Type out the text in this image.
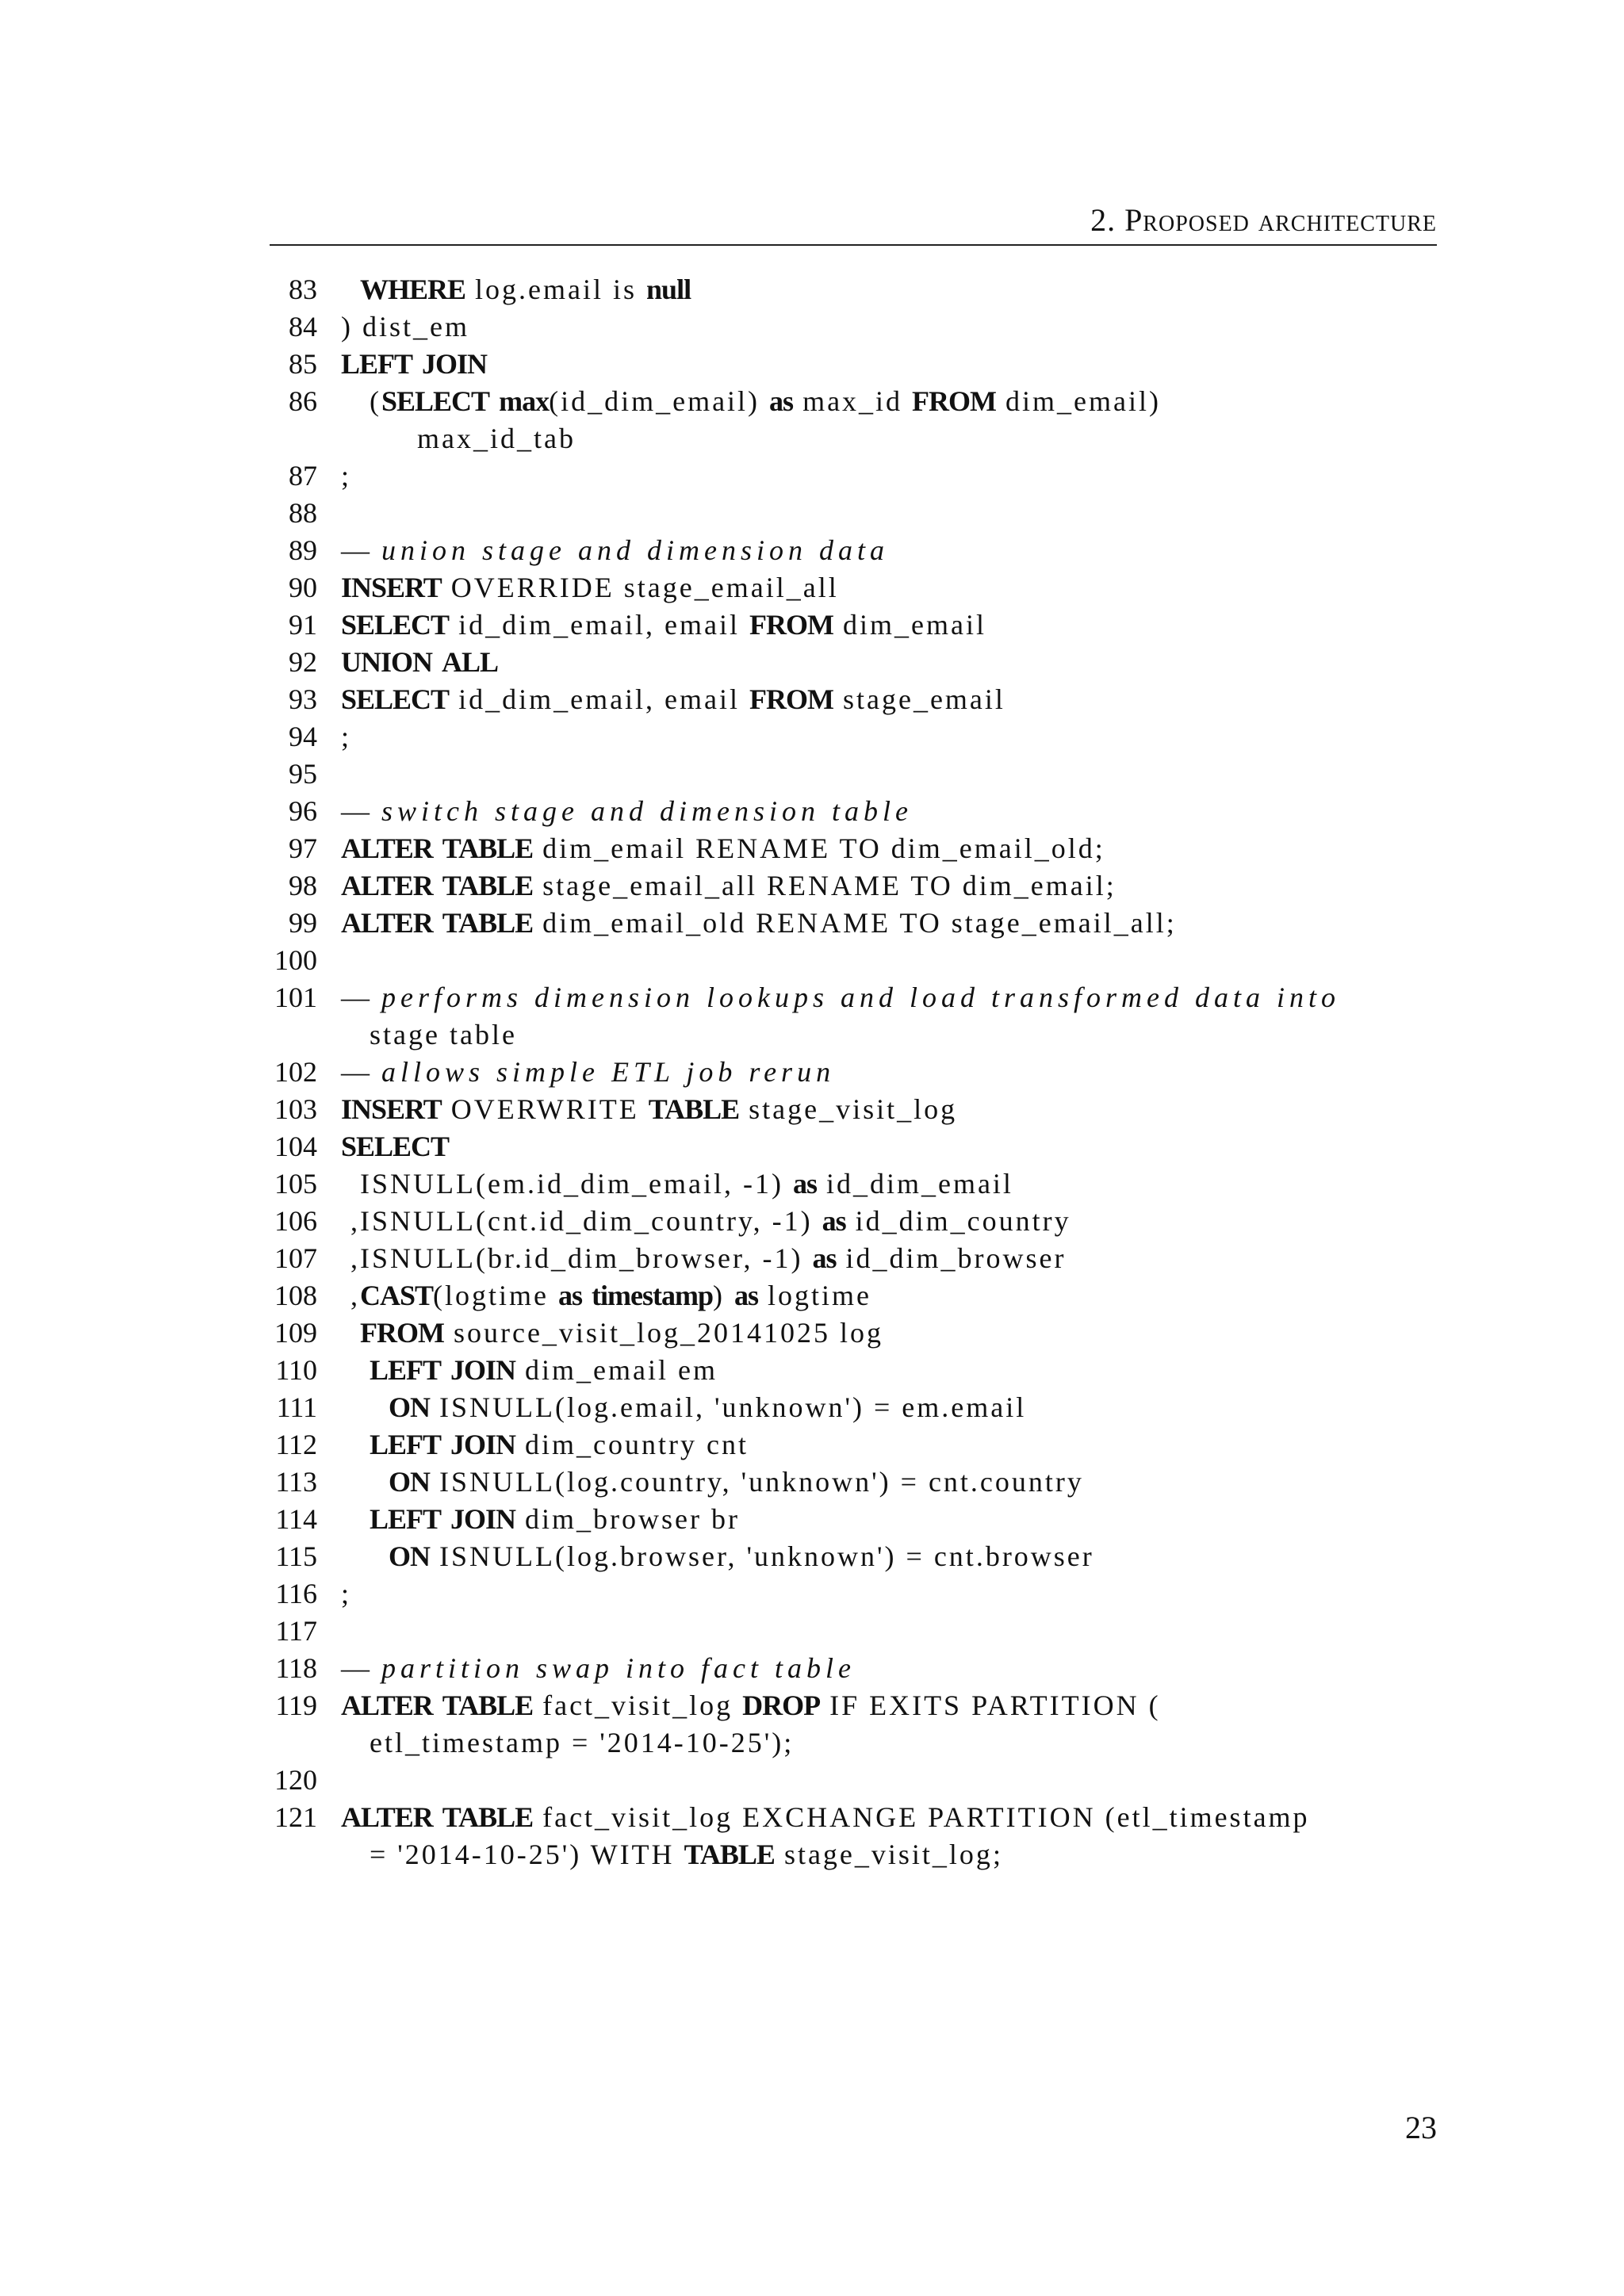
2. Proposed architecture
83	WHERE log.email is null
84 ) dist_em
85 LEFT JOIN
86 (SELECT max(id_dim_email) as max_id FROM dim_email)
max_id_tab
87 ;
88
89 — union stage and dimension data
90 INSERT OVERRIDE stage_email_all
91 SELECT id_dim_email, email FROM dim_email
92 UNION ALL
93 SELECT id_dim_email, email FROM stage_email
94 ;
95
96 — switch stage and dimension table
97 ALTER TABLE dim_email RENAME TO dim_email_old;
98 ALTER TABLE stage_email_all RENAME TO dim_email;
99 ALTER TABLE dim_email_old RENAME TO stage_email_all;
100
101 — performs dimension lookups and load transformed data into
stage table
102 — allows simple ETL job rerun
103 INSERT OVERWRITE TABLE stage_visit_log
104 SELECT
105	ISNULL(em.id_dim_email, -1) as id_dim_email
106 ,ISNULL(cnt.id_dim_country, -1) as id_dim_country
107 ,ISNULL(br.id_dim_browser, -1) as id_dim_browser
108 ,CAST(logtime as timestamp) as logtime
109	FROM source_visit_log_20141025 log
110	LEFT JOIN dim_email em
111	ON ISNULL(log.email, 'unknown') = em.email
112	LEFT JOIN dim_country cnt
113	ON ISNULL(log.country, 'unknown') = cnt.country
114	LEFT JOIN dim_browser br
115	ON ISNULL(log.browser, 'unknown') = cnt.browser
116 ;
117
118 — partition swap into fact table
119 ALTER TABLE fact_visit_log DROP IF EXITS PARTITION (
etl_timestamp = '2014-10-25');
120
121 ALTER TABLE fact_visit_log EXCHANGE PARTITION (etl_timestamp
= '2014-10-25') WITH TABLE stage_visit_log;
23
